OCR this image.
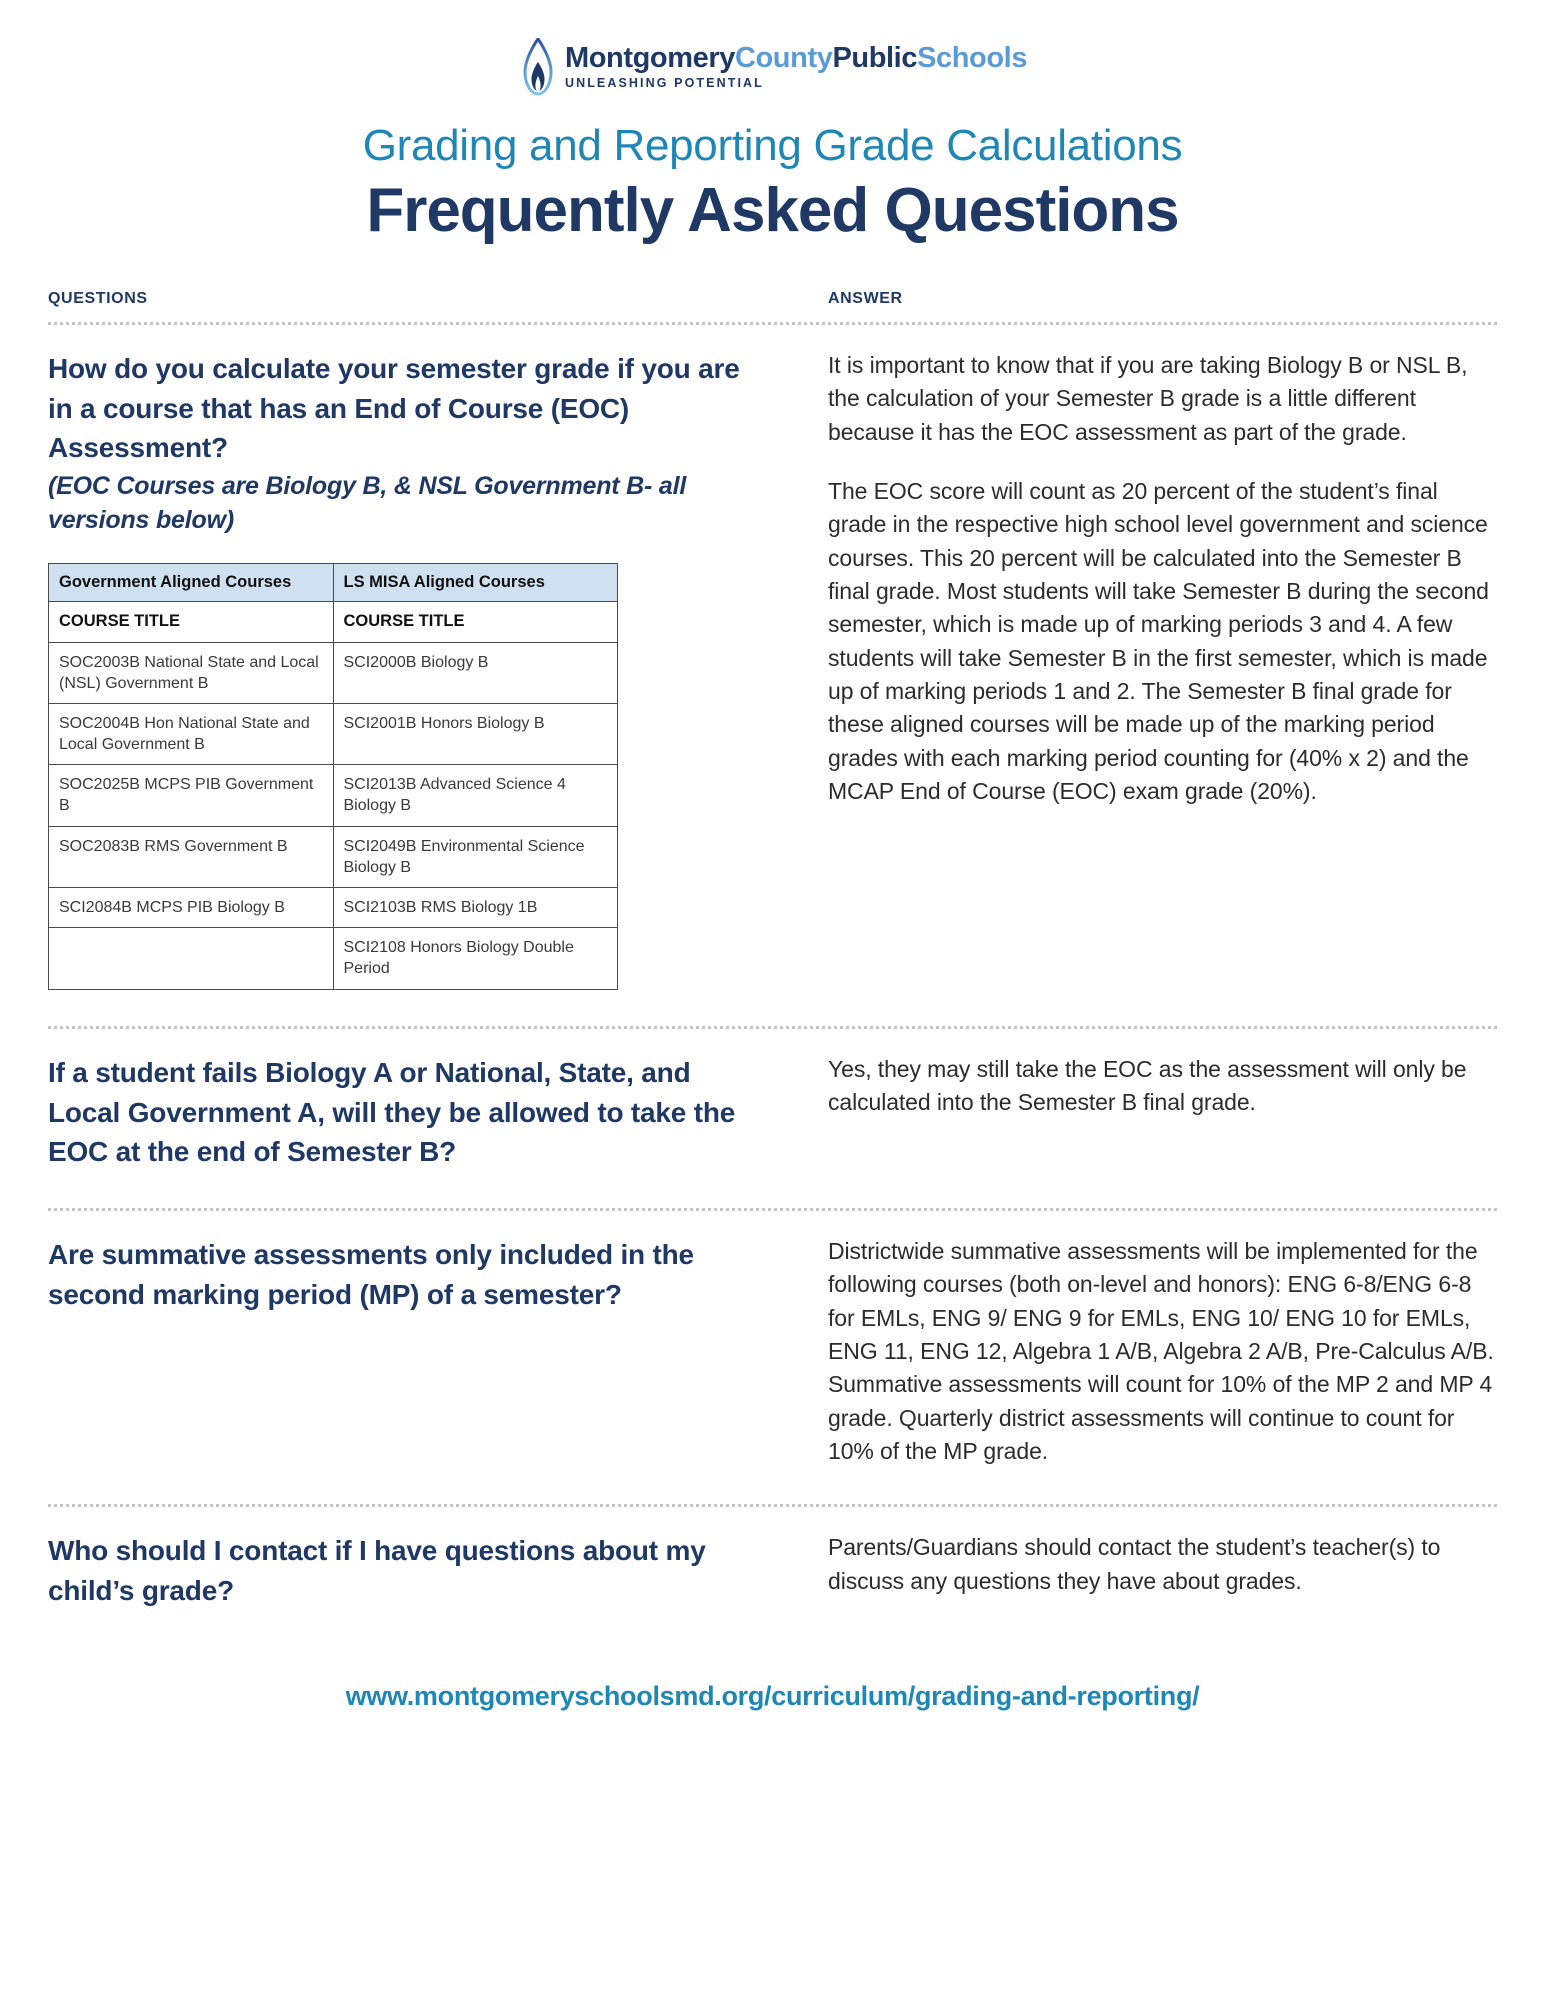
MontgomeryCountyPublicSchools
UNLEASHING POTENTIAL
Grading and Reporting Grade Calculations
Frequently Asked Questions
QUESTIONS	ANSWER
How do you calculate your semester grade if you are in a course that has an End of Course (EOC) Assessment?
(EOC Courses are Biology B, & NSL Government B- all versions below)
Government Aligned Courses	LS MISA Aligned Courses
COURSE TITLE	COURSE TITLE
SOC2003B National State and Local (NSL) Government B	SCI2000B Biology B
SOC2004B Hon National State and Local Government B	SCI2001B Honors Biology B
SOC2025B MCPS PIB Government B	SCI2013B Advanced Science 4 Biology B
SOC2083B RMS Government B	SCI2049B Environmental Science Biology B
SCI2084B MCPS PIB Biology B	SCI2103B RMS Biology 1B
	SCI2108 Honors Biology Double Period

It is important to know that if you are taking Biology B or NSL B, the calculation of your Semester B grade is a little different because it has the EOC assessment as part of the grade.

The EOC score will count as 20 percent of the student’s final grade in the respective high school level government and science courses. This 20 percent will be calculated into the Semester B final grade. Most students will take Semester B during the second semester, which is made up of marking periods 3 and 4. A few students will take Semester B in the first semester, which is made up of marking periods 1 and 2. The Semester B final grade for these aligned courses will be made up of the marking period grades with each marking period counting for (40% x 2) and the MCAP End of Course (EOC) exam grade (20%).

If a student fails Biology A or National, State, and Local Government A, will they be allowed to take the EOC at the end of Semester B?

Yes, they may still take the EOC as the assessment will only be calculated into the Semester B final grade.

Are summative assessments only included in the second marking period (MP) of a semester?

Districtwide summative assessments will be implemented for the following courses (both on-level and honors): ENG 6-8/ENG 6-8 for EMLs, ENG 9/ ENG 9 for EMLs, ENG 10/ ENG 10 for EMLs, ENG 11, ENG 12, Algebra 1 A/B, Algebra 2 A/B, Pre-Calculus A/B. Summative assessments will count for 10% of the MP 2 and MP 4 grade. Quarterly district assessments will continue to count for 10% of the MP grade.

Who should I contact if I have questions about my child’s grade?

Parents/Guardians should contact the student’s teacher(s) to discuss any questions they have about grades.

www.montgomeryschoolsmd.org/curriculum/grading-and-reporting/
